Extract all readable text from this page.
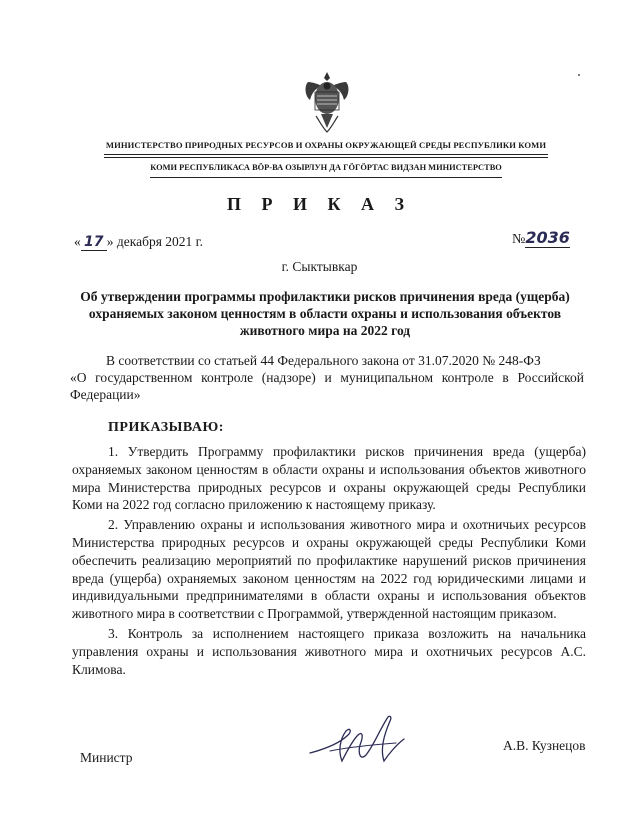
МИНИСТЕРСТВО ПРИРОДНЫХ РЕСУРСОВ И ОХРАНЫ ОКРУЖАЮЩЕЙ СРЕДЫ РЕСПУБЛИКИ КОМИ
КОМИ РЕСПУБЛИКАСА ВӦР-ВА ОЗЫРЛУН ДА ГӦГӦРТАС ВИДЗАН МИНИСТЕРСТВО
П Р И К А З
« 17 » декабря 2021 г.	№2036
г. Сыктывкар
Об утверждении программы профилактики рисков причинения вреда (ущерба) охраняемых законом ценностям в области охраны и использования объектов животного мира на 2022 год
В соответствии со статьей 44 Федерального закона от 31.07.2020 № 248-ФЗ
«О государственном контроле (надзоре) и муниципальном контроле в Российской Федерации»
ПРИКАЗЫВАЮ:

1. Утвердить Программу профилактики рисков причинения вреда (ущерба) охраняемых законом ценностям в области охраны и использования объектов животного мира Министерства природных ресурсов и охраны окружающей среды Республики Коми на 2022 год согласно приложению к настоящему приказу.

2. Управлению охраны и использования животного мира и охотничьих ресурсов Министерства природных ресурсов и охраны окружающей среды Республики Коми обеспечить реализацию мероприятий по профилактике нарушений рисков причинения вреда (ущерба) охраняемых законом ценностям на 2022 год юридическими лицами и индивидуальными предпринимателями в области охраны и использования объектов животного мира в соответствии с Программой, утвержденной настоящим приказом.

3. Контроль за исполнением настоящего приказа возложить на начальника управления охраны и использования животного мира и охотничьих ресурсов А.С. Климова.

Министр
А.В. Кузнецов
